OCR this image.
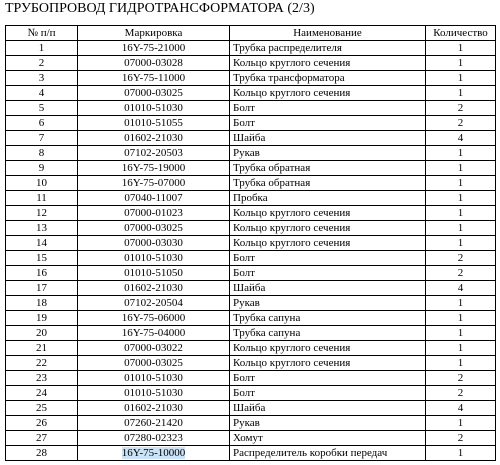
ТРУБОПРОВОД ГИДРОТРАНСФОРМАТОРА (2/3)
№ п/п	Маркировка	Наименование	Количество
1	16Y-75-21000	Трубка распределителя	1
2	07000-03028	Кольцо круглого сечения	1
3	16Y-75-11000	Трубка трансформатора	1
4	07000-03025	Кольцо круглого сечения	1
5	01010-51030	Болт	2
6	01010-51055	Болт	2
7	01602-21030	Шайба	4
8	07102-20503	Рукав	1
9	16Y-75-19000	Трубка обратная	1
10	16Y-75-07000	Трубка обратная	1
11	07040-11007	Пробка	1
12	07000-01023	Кольцо круглого сечения	1
13	07000-03025	Кольцо круглого сечения	1
14	07000-03030	Кольцо круглого сечения	1
15	01010-51030	Болт	2
16	01010-51050	Болт	2
17	01602-21030	Шайба	4
18	07102-20504	Рукав	1
19	16Y-75-06000	Трубка сапуна	1
20	16Y-75-04000	Трубка сапуна	1
21	07000-03022	Кольцо круглого сечения	1
22	07000-03025	Кольцо круглого сечения	1
23	01010-51030	Болт	2
24	01010-51030	Болт	2
25	01602-21030	Шайба	4
26	07260-21420	Рукав	1
27	07280-02323	Хомут	2
28	16Y-75-10000	Распределитель коробки передач	1
